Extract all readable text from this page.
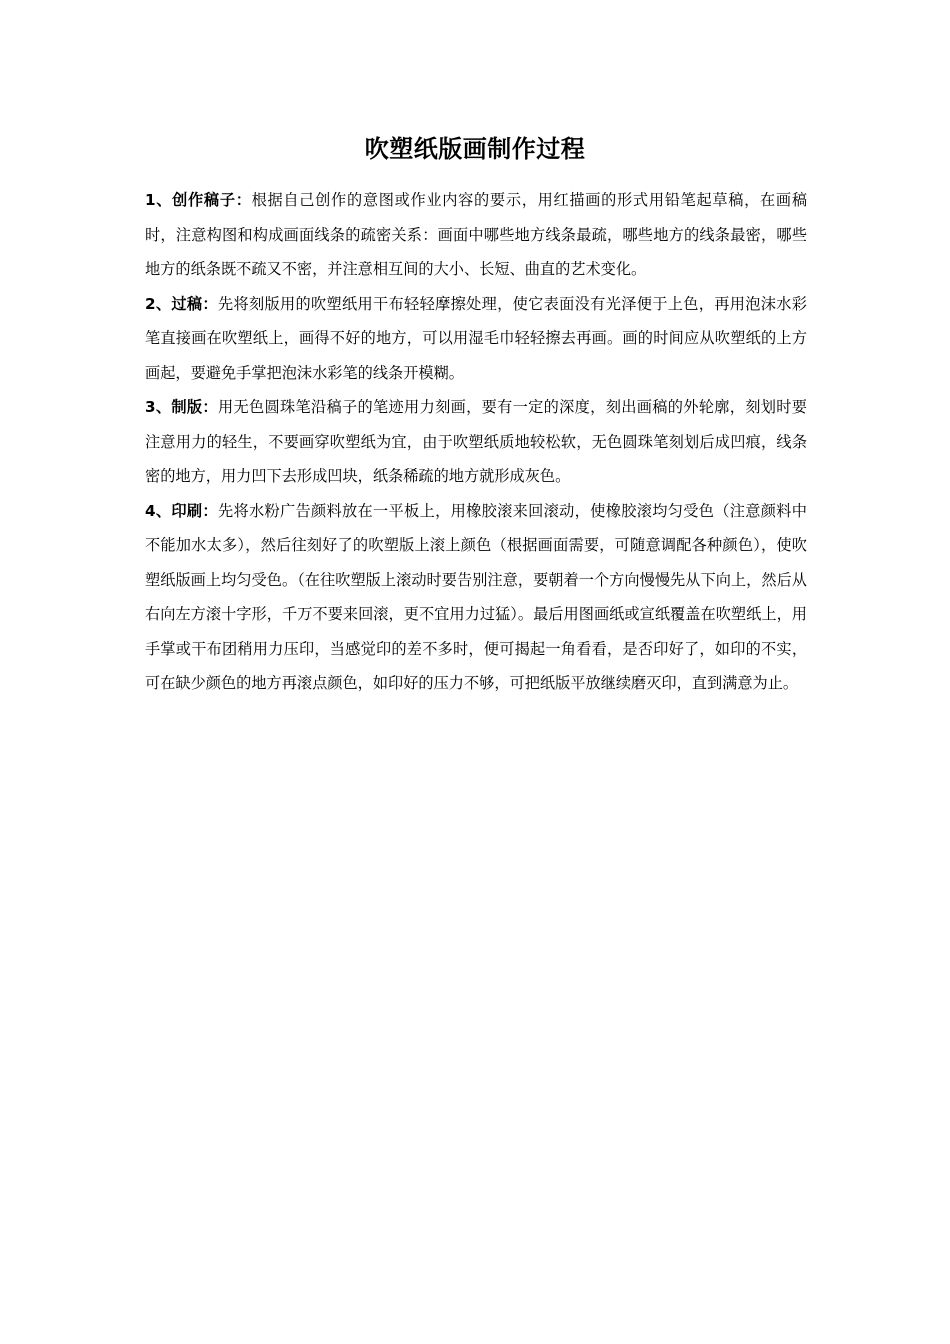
吹塑纸版画制作过程

1、创作稿子：根据自己创作的意图或作业内容的要示，用红描画的形式用铅笔起草稿，在画稿时，注意构图和构成画面线条的疏密关系：画面中哪些地方线条最疏，哪些地方的线条最密，哪些地方的纸条既不疏又不密，并注意相互间的大小、长短、曲直的艺术变化。

2、过稿：先将刻版用的吹塑纸用干布轻轻摩擦处理，使它表面没有光泽便于上色，再用泡沫水彩笔直接画在吹塑纸上，画得不好的地方，可以用湿毛巾轻轻擦去再画。画的时间应从吹塑纸的上方画起，要避免手掌把泡沫水彩笔的线条开模糊。

3、制版：用无色圆珠笔沿稿子的笔迹用力刻画，要有一定的深度，刻出画稿的外轮廓，刻划时要注意用力的轻生，不要画穿吹塑纸为宜，由于吹塑纸质地较松软，无色圆珠笔刻划后成凹痕，线条密的地方，用力凹下去形成凹块，纸条稀疏的地方就形成灰色。

4、印刷：先将水粉广告颜料放在一平板上，用橡胶滚来回滚动，使橡胶滚均匀受色（注意颜料中不能加水太多），然后往刻好了的吹塑版上滚上颜色（根据画面需要，可随意调配各种颜色），使吹塑纸版画上均匀受色。（在往吹塑版上滚动时要告别注意，要朝着一个方向慢慢先从下向上，然后从右向左方滚十字形，千万不要来回滚，更不宜用力过猛）。最后用图画纸或宣纸覆盖在吹塑纸上，用手掌或干布团稍用力压印，当感觉印的差不多时，便可揭起一角看看，是否印好了，如印的不实，可在缺少颜色的地方再滚点颜色，如印好的压力不够，可把纸版平放继续磨灭印，直到满意为止。
